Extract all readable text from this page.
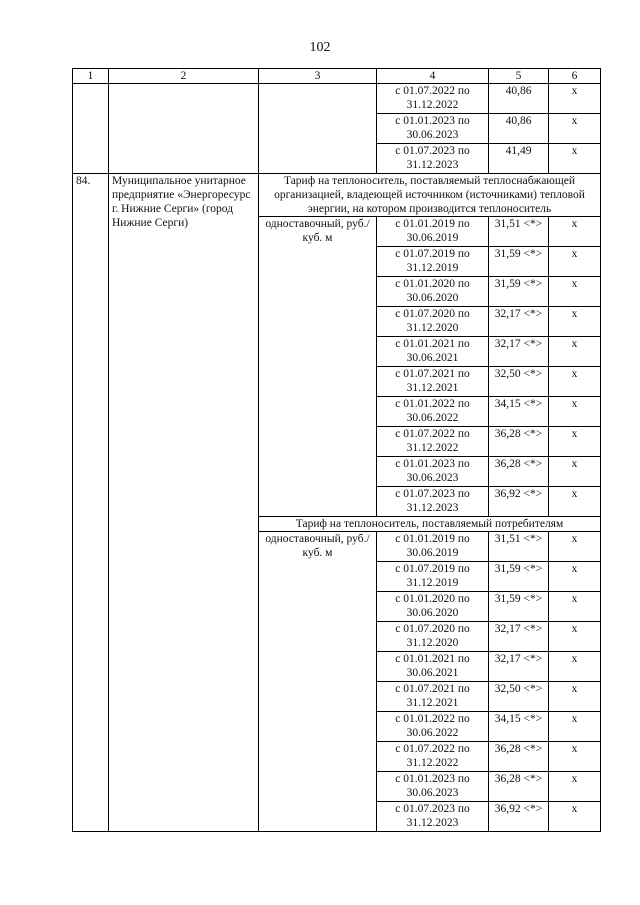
102
1	2	3	4	5	6
			с 01.07.2022 по 31.12.2022	40,86	х
			с 01.01.2023 по 30.06.2023	40,86	х
			с 01.07.2023 по 31.12.2023	41,49	х
84.	Муниципальное унитарное предприятие «Энергоресурс г. Нижние Серги» (город Нижние Серги)	Тариф на теплоноситель, поставляемый теплоснабжающей организацией, владеющей источником (источниками) тепловой энергии, на котором производится теплоноситель			
		одноставочный, руб./куб. м	с 01.01.2019 по 30.06.2019	31,51 <*>	х
			с 01.07.2019 по 31.12.2019	31,59 <*>	х
			с 01.01.2020 по 30.06.2020	31,59 <*>	х
			с 01.07.2020 по 31.12.2020	32,17 <*>	х
			с 01.01.2021 по 30.06.2021	32,17 <*>	х
			с 01.07.2021 по 31.12.2021	32,50 <*>	х
			с 01.01.2022 по 30.06.2022	34,15 <*>	х
			с 01.07.2022 по 31.12.2022	36,28 <*>	х
			с 01.01.2023 по 30.06.2023	36,28 <*>	х
			с 01.07.2023 по 31.12.2023	36,92 <*>	х
		Тариф на теплоноситель, поставляемый потребителям			
		одноставочный, руб./куб. м	с 01.01.2019 по 30.06.2019	31,51 <*>	х
			с 01.07.2019 по 31.12.2019	31,59 <*>	х
			с 01.01.2020 по 30.06.2020	31,59 <*>	х
			с 01.07.2020 по 31.12.2020	32,17 <*>	х
			с 01.01.2021 по 30.06.2021	32,17 <*>	х
			с 01.07.2021 по 31.12.2021	32,50 <*>	х
			с 01.01.2022 по 30.06.2022	34,15 <*>	х
			с 01.07.2022 по 31.12.2022	36,28 <*>	х
			с 01.01.2023 по 30.06.2023	36,28 <*>	х
			с 01.07.2023 по 31.12.2023	36,92 <*>	х
